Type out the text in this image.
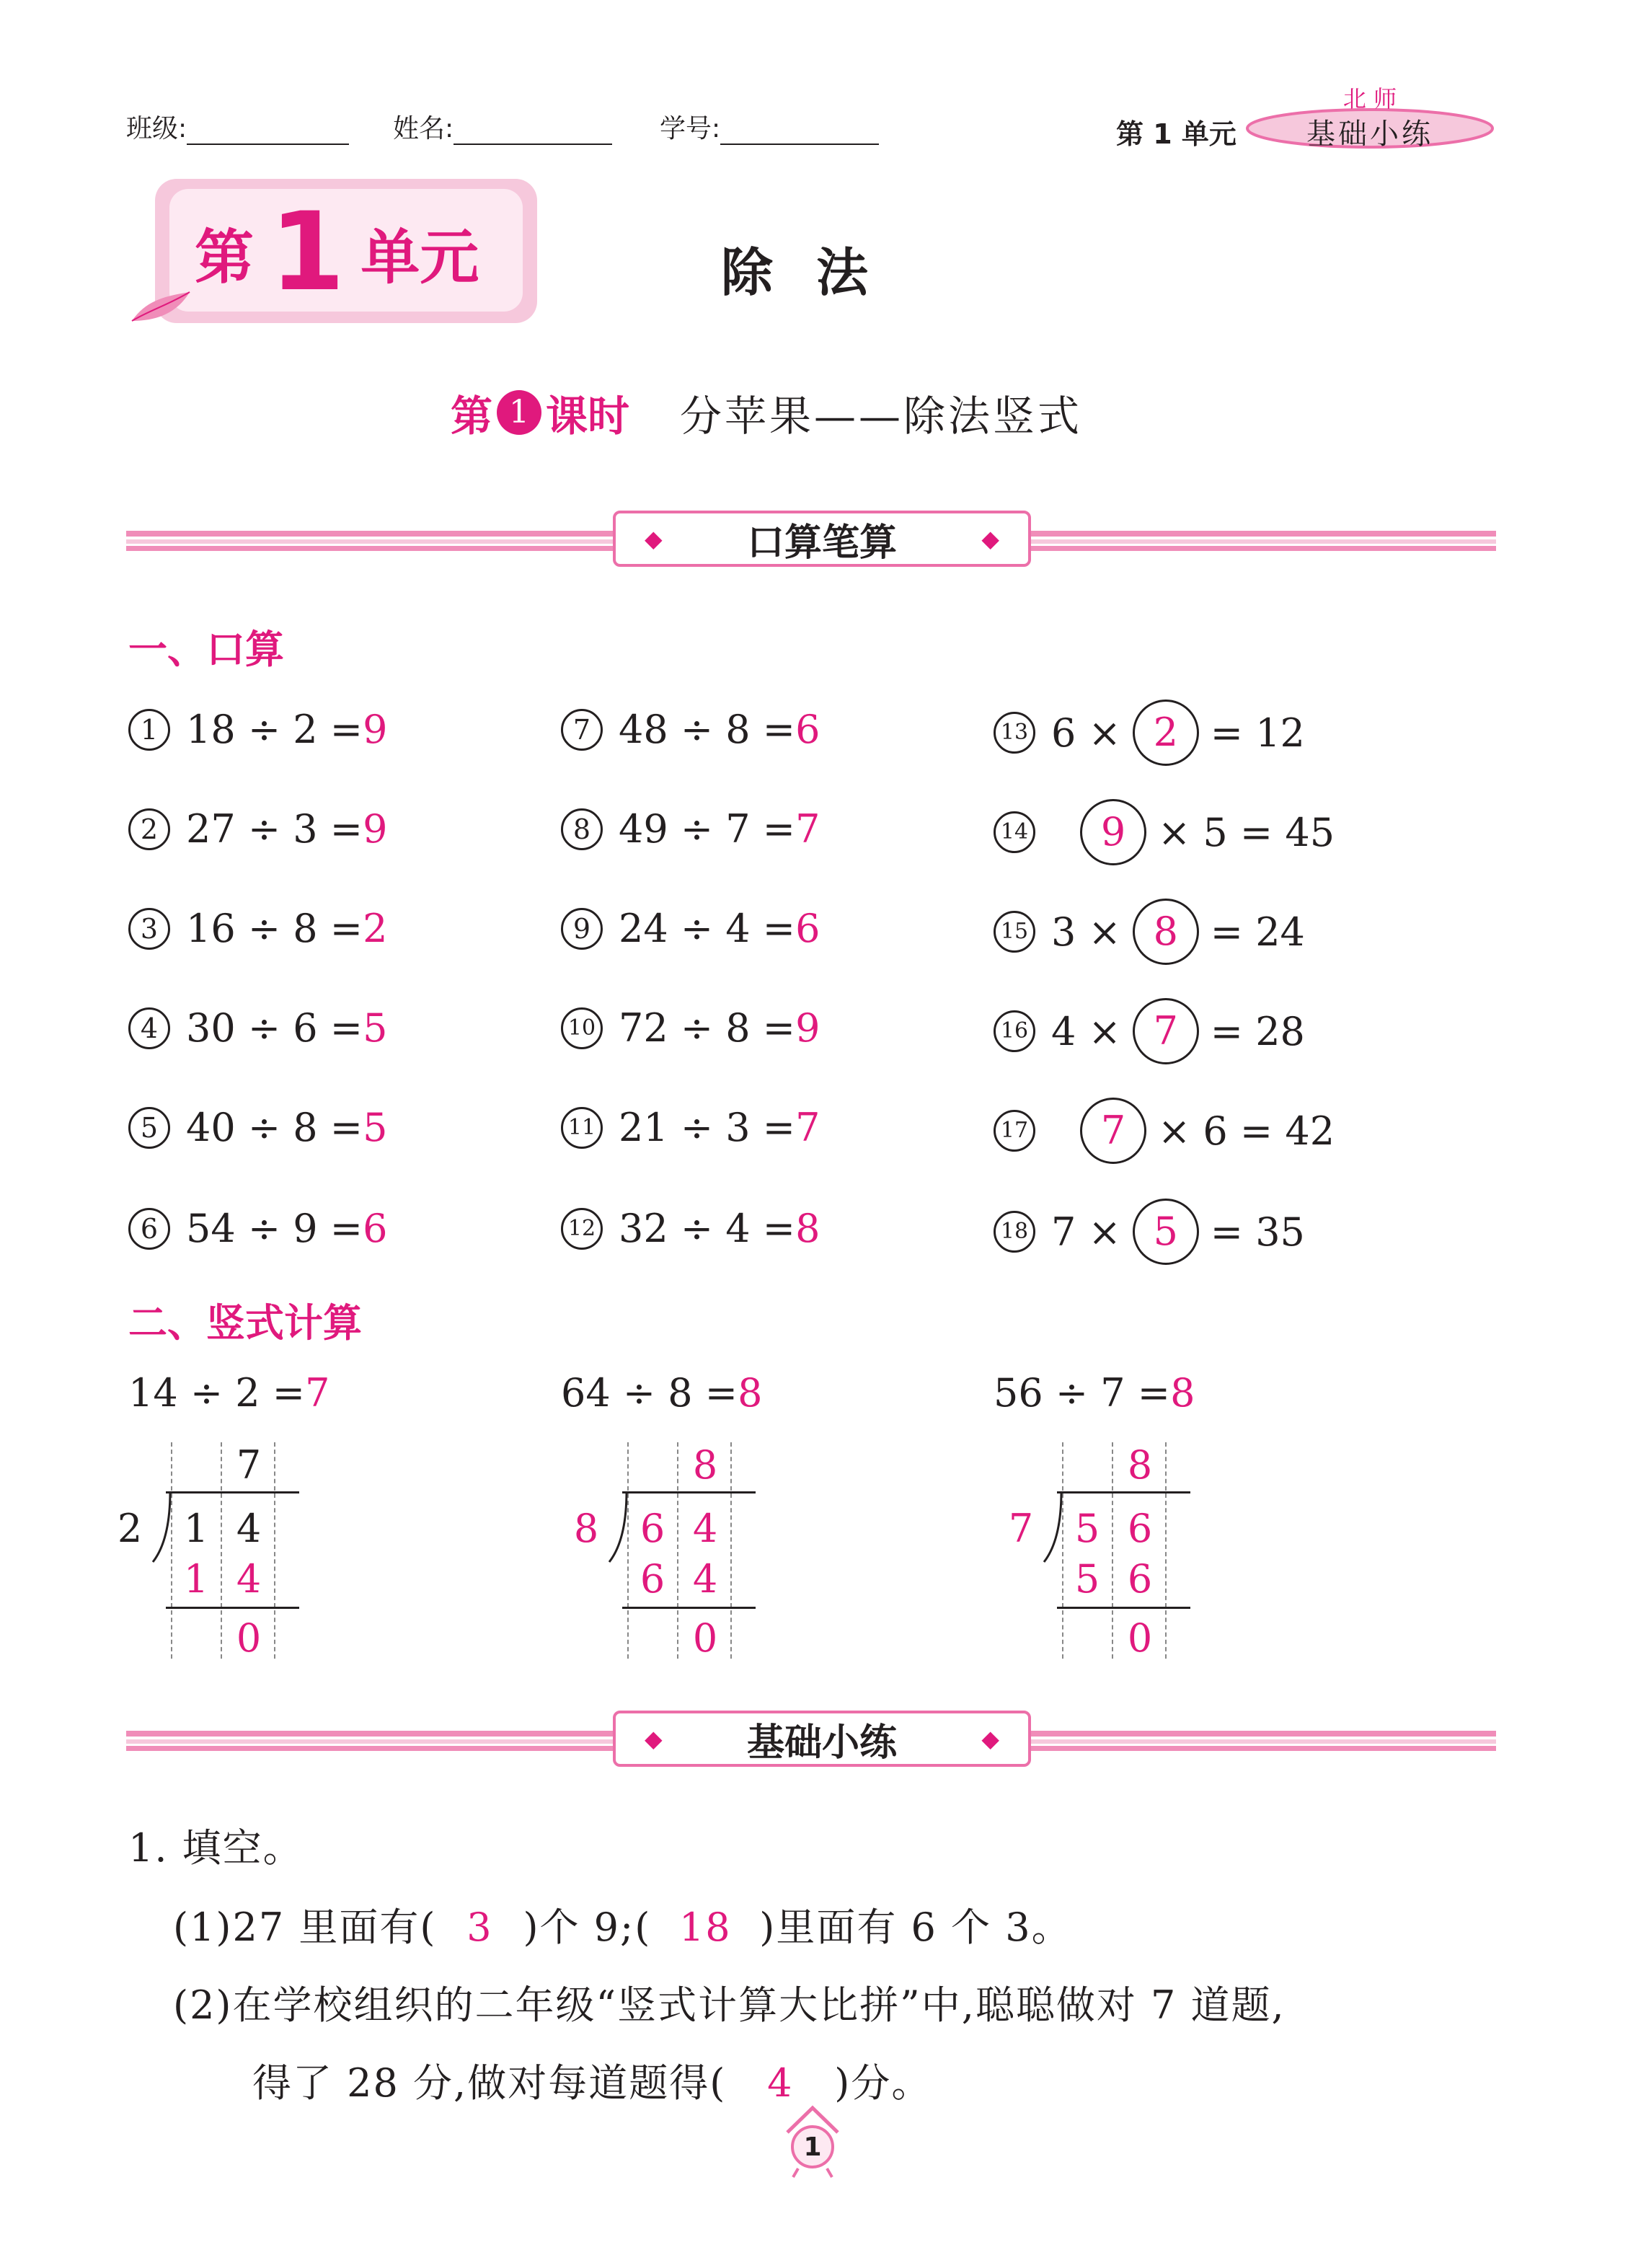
班级:	姓名:	学号:	第 1 单元
北 师
基础小练
第 1 单元	除法
第 1 课时 分苹果——除法竖式
◆ 口算笔算	◆
一、口算
1 18 ÷ 2 = 9
2 27 ÷ 3 = 9
3 16 ÷ 8 = 2
4 30 ÷ 6 = 5
5 40 ÷ 8 = 5
6 54 ÷ 9 = 6
7 48 ÷ 8 = 6
8 49 ÷ 7 = 7
9 24 ÷ 4 = 6
10 72 ÷ 8 = 9
11 21 ÷ 3 = 7
12 32 ÷ 4 = 8
13 6 × 2 = 12
14	9 × 5 = 45
15 3 × 8 = 24
16 4 × 7 = 28
17	7 × 6 = 42
18 7 × 5 = 35
二、竖式计算
14 ÷ 2 = 7	64 ÷ 8 = 8	56 ÷ 7 = 8
7
2 1 4
1 4
0
8
8 6 4
6 4
0
8
7 5 6
5 6
0
◆ 基础小练	◆
1. 填空。
(1)27 里面有( 3 )个 9;( 18 )里面有 6 个 3。
(2)在学校组织的二年级“竖式计算大比拼”中,聪聪做对 7 道题,
得了 28 分,做对每道题得( 4 )分。
1
